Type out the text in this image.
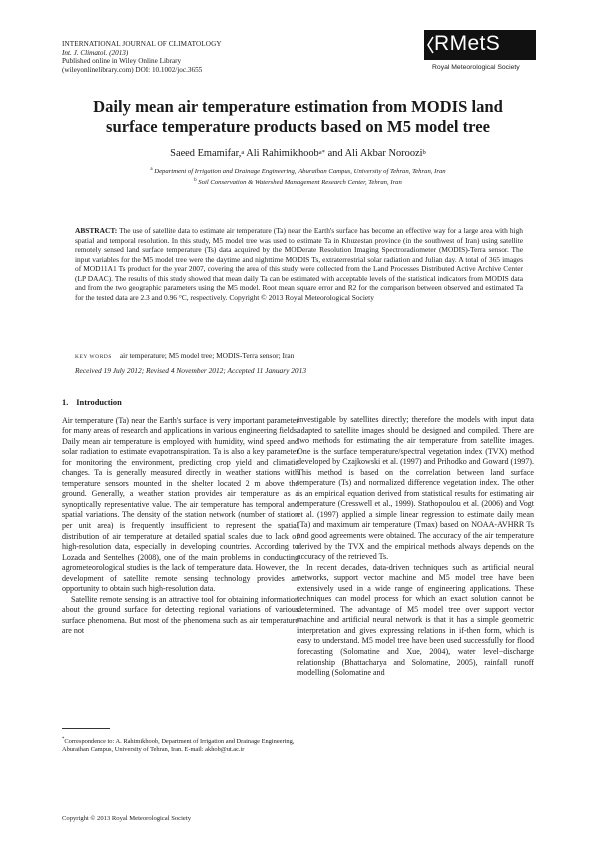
INTERNATIONAL JOURNAL OF CLIMATOLOGY
Int. J. Climatol. (2013)
Published online in Wiley Online Library
(wileyonlinelibrary.com) DOI: 10.1002/joc.3655
RMetS
Royal Meteorological Society
Daily mean air temperature estimation from MODIS land
surface temperature products based on M5 model tree
Saeed Emamifar,$^a$ Ali Rahimikhoob$^{a*}$ and Ali Akbar Noroozi$^b$
$^a$ Department of Irrigation and Drainage Engineering, Aburaihan Campus, University of Tehran, Tehran, Iran
$^b$ Soil Conservation & Watershed Management Research Center, Tehran, Iran
ABSTRACT: The use of satellite data to estimate air temperature (Ta) near the Earth's surface has become an effective way for a large area with high spatial and temporal resolution. In this study, M5 model tree was used to estimate Ta in Khuzestan province (in the southwest of Iran) using satellite remotely sensed land surface temperature (Ts) data acquired by the MODerate Resolution Imaging Spectroradiometer (MODIS)-Terra sensor. The input variables for the M5 model tree were the daytime and nighttime MODIS Ts, extraterrestrial solar radiation and Julian day. A total of 365 images of MOD11A1 Ts product for the year 2007, covering the area of this study were collected from the Land Processes Distributed Active Archive Center (LP DAAC). The results of this study showed that mean daily Ta can be estimated with acceptable levels of the statistical indicators from MODIS data and from the two geographic parameters using the M5 model. Root mean square error and R2 for the comparison between observed and estimated Ta for the tested data are 2.3 and 0.96 °C, respectively. Copyright © 2013 Royal Meteorological Society
KEY WORDS air temperature; M5 model tree; MODIS-Terra sensor; Iran
Received 19 July 2012; Revised 4 November 2012; Accepted 11 January 2013
1. Introduction

Air temperature (Ta) near the Earth's surface is very important parameter for many areas of research and applications in various engineering fields. Daily mean air temperature is employed with humidity, wind speed and solar radiation to estimate evapotranspiration. Ta is also a key parameter for monitoring the environment, predicting crop yield and climatic changes. Ta is generally measured directly in weather stations with temperature sensors mounted in the shelter located 2 m above the ground. Generally, a weather station provides air temperature as a synoptically representative value. The air temperature has temporal and spatial variations. The density of the station network (number of station per unit area) is frequently insufficient to represent the spatial distribution of air temperature at detailed spatial scales due to lack of high-resolution data, especially in developing countries. According to Lozada and Sentelhes (2008), one of the main problems in conducting agrometeorological studies is the lack of temperature data. However, the development of satellite remote sensing technology provides an opportunity to obtain such high-resolution data.

Satellite remote sensing is an attractive tool for obtaining information about the ground surface for detecting regional variations of various surface phenomena. But most of the phenomena such as air temperature are not

investigable by satellites directly; therefore the models with input data adapted to satellite images should be designed and compiled. There are two methods for estimating the air temperature from satellite images. One is the surface temperature/spectral vegetation index (TVX) method developed by Czajkowski et al. (1997) and Prihodko and Goward (1997). This method is based on the correlation between land surface temperature (Ts) and normalized difference vegetation index. The other is an empirical equation derived from statistical results for estimating air temperature (Cresswell et al., 1999). Stathopoulou et al. (2006) and Vogt et al. (1997) applied a simple linear regression to estimate daily mean (Ta) and maximum air temperature (Tmax) based on NOAA-AVHRR Ts and good agreements were obtained. The accuracy of the air temperature derived by the TVX and the empirical methods always depends on the accuracy of the retrieved Ts.

In recent decades, data-driven techniques such as artificial neural networks, support vector machine and M5 model tree have been extensively used in a wide range of engineering applications. These techniques can model process for which an exact solution cannot be determined. The advantage of M5 model tree over support vector machine and artificial neural network is that it has a simple geometric interpretation and gives expressing relations in if-then form, which is easy to understand. M5 model tree have been used successfully for flood forecasting (Solomatine and Xue, 2004), water level−discharge relationship (Bhattacharya and Solomatine, 2005), rainfall runoff modelling (Solomatine and

*Correspondence to: A. Rahimikhoob, Department of Irrigation and Drainage Engineering, Aburaihan Campus, University of Tehran, Iran. E-mail: akhob@ut.ac.ir
Copyright © 2013 Royal Meteorological Society
